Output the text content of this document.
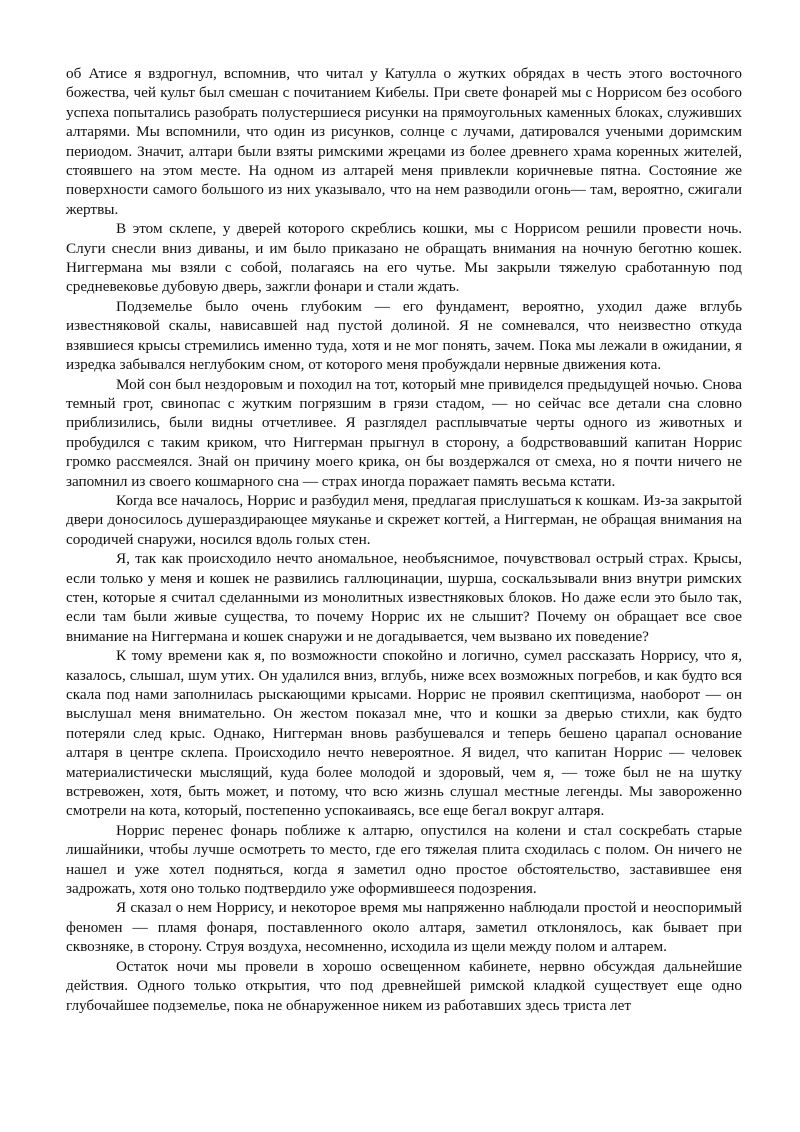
об Атисе я вздрогнул, вспомнив, что читал у Катулла о жутких обрядах в честь этого восточного божества, чей культ был смешан с почитанием Кибелы. При свете фонарей мы с Норрисом без особого успеха попытались разобрать полустершиеся рисунки на прямоугольных каменных блоках, служивших алтарями. Мы вспомнили, что один из рисунков, солнце с лучами, датировался учеными доримским периодом. Значит, алтари были взяты римскими жрецами из более древнего храма коренных жителей, стоявшего на этом месте. На одном из алтарей меня привлекли коричневые пятна. Состояние же поверхности самого большого из них указывало, что на нем разводили огонь— там, вероятно, сжигали жертвы.

В этом склепе, у дверей которого скреблись кошки, мы с Норрисом решили провести ночь. Слуги снесли вниз диваны, и им было приказано не обращать внимания на ночную беготню кошек. Ниггермана мы взяли с собой, полагаясь на его чутье. Мы закрыли тяжелую сработанную под средневековье дубовую дверь, зажгли фонари и стали ждать.

Подземелье было очень глубоким — его фундамент, вероятно, уходил даже вглубь известняковой скалы, нависавшей над пустой долиной. Я не сомневался, что неизвестно откуда взявшиеся крысы стремились именно туда, хотя и не мог понять, зачем. Пока мы лежали в ожидании, я изредка забывался неглубоким сном, от которого меня пробуждали нервные движения кота.

Мой сон был нездоровым и походил на тот, который мне привиделся предыдущей ночью. Снова темный грот, свинопас с жутким погрязшим в грязи стадом, — но сейчас все детали сна словно приблизились, были видны отчетливее. Я разглядел расплывчатые черты одного из животных и пробудился с таким криком, что Ниггерман прыгнул в сторону, а бодрствовавший капитан Норрис громко рассмеялся. Знай он причину моего крика, он бы воздержался от смеха, но я почти ничего не запомнил из своего кошмарного сна — страх иногда поражает память весьма кстати.

Когда все началось, Норрис и разбудил меня, предлагая прислушаться к кошкам. Из-за закрытой двери доносилось душераздирающее мяуканье и скрежет когтей, а Ниггерман, не обращая внимания на сородичей снаружи, носился вдоль голых стен.

Я, так как происходило нечто аномальное, необъяснимое, почувствовал острый страх. Крысы, если только у меня и кошек не развились галлюцинации, шурша, соскальзывали вниз внутри римских стен, которые я считал сделанными из монолитных известняковых блоков. Но даже если это было так, если там были живые существа, то почему Норрис их не слышит? Почему он обращает все свое внимание на Ниггермана и кошек снаружи и не догадывается, чем вызвано их поведение?

К тому времени как я, по возможности спокойно и логично, сумел рассказать Норрису, что я, казалось, слышал, шум утих. Он удалился вниз, вглубь, ниже всех возможных погребов, и как будто вся скала под нами заполнилась рыскающими крысами. Норрис не проявил скептицизма, наоборот — он выслушал меня внимательно. Он жестом показал мне, что и кошки за дверью стихли, как будто потеряли след крыс. Однако, Ниггерман вновь разбушевался и теперь бешено царапал основание алтаря в центре склепа. Происходило нечто невероятное. Я видел, что капитан Норрис — человек материалистически мыслящий, куда более молодой и здоровый, чем я, — тоже был не на шутку встревожен, хотя, быть может, и потому, что всю жизнь слушал местные легенды. Мы завороженно смотрели на кота, который, постепенно успокаиваясь, все еще бегал вокруг алтаря.

Норрис перенес фонарь поближе к алтарю, опустился на колени и стал соскребать старые лишайники, чтобы лучше осмотреть то место, где его тяжелая плита сходилась с полом. Он ничего не нашел и уже хотел подняться, когда я заметил одно простое обстоятельство, заставившее еня задрожать, хотя оно только подтвердило уже оформившееся подозрения.

Я сказал о нем Норрису, и некоторое время мы напряженно наблюдали простой и неоспоримый феномен — пламя фонаря, поставленного около алтаря, заметил отклонялось, как бывает при сквозняке, в сторону. Струя воздуха, несомненно, исходила из щели между полом и алтарем.

Остаток ночи мы провели в хорошо освещенном кабинете, нервно обсуждая дальнейшие действия. Одного только открытия, что под древнейшей римской кладкой существует еще одно глубочайшее подземелье, пока не обнаруженное никем из работавших здесь триста лет
